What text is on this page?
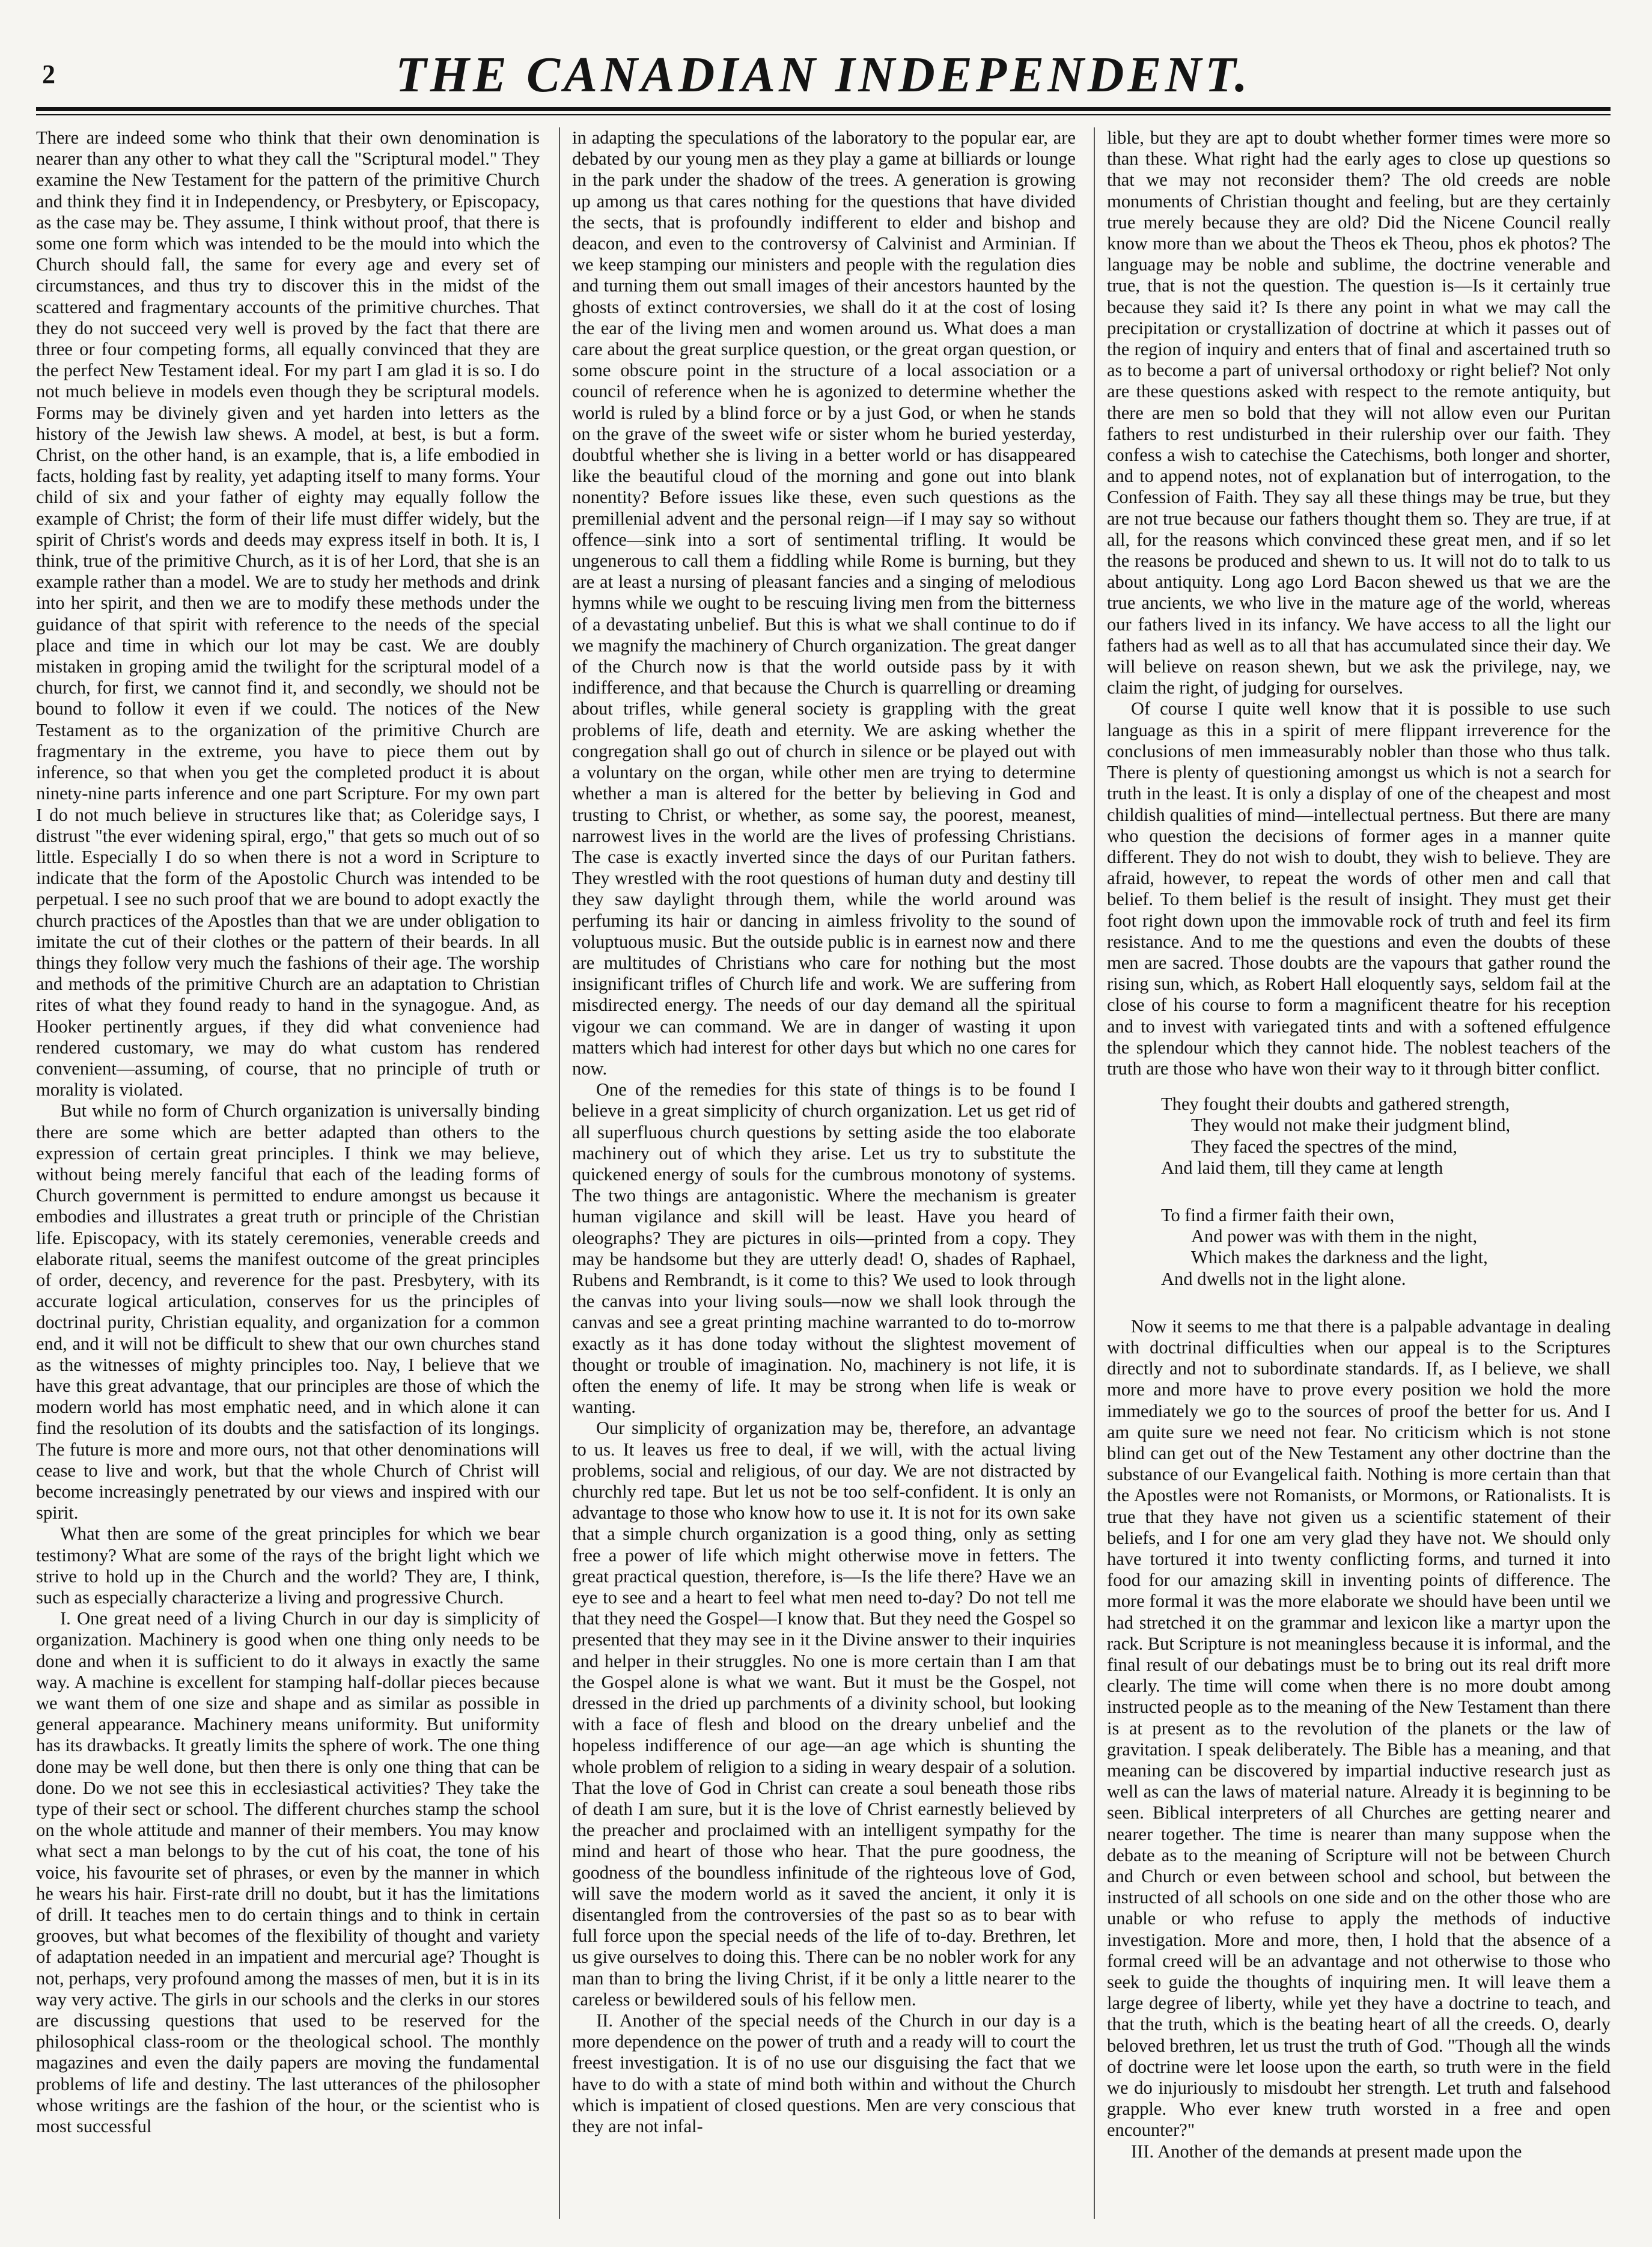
2	THE CANADIAN INDEPENDENT.

There are indeed some who think that their own denomination is nearer than any other to what they call the "Scriptural model." They examine the New Testament for the pattern of the primitive Church and think they find it in Independency, or Presbytery, or Episcopacy, as the case may be. They assume, I think without proof, that there is some one form which was intended to be the mould into which the Church should fall, the same for every age and every set of circumstances, and thus try to discover this in the midst of the scattered and fragmentary accounts of the primitive churches. That they do not succeed very well is proved by the fact that there are three or four competing forms, all equally convinced that they are the perfect New Testament ideal. For my part I am glad it is so. I do not much believe in models even though they be scriptural models. Forms may be divinely given and yet harden into letters as the history of the Jewish law shews. A model, at best, is but a form. Christ, on the other hand, is an example, that is, a life embodied in facts, holding fast by reality, yet adapting itself to many forms. Your child of six and your father of eighty may equally follow the example of Christ; the form of their life must differ widely, but the spirit of Christ's words and deeds may express itself in both. It is, I think, true of the primitive Church, as it is of her Lord, that she is an example rather than a model. We are to study her methods and drink into her spirit, and then we are to modify these methods under the guidance of that spirit with reference to the needs of the special place and time in which our lot may be cast. We are doubly mistaken in groping amid the twilight for the scriptural model of a church, for first, we cannot find it, and secondly, we should not be bound to follow it even if we could. The notices of the New Testament as to the organization of the primitive Church are fragmentary in the extreme, you have to piece them out by inference, so that when you get the completed product it is about ninety-nine parts inference and one part Scripture. For my own part I do not much believe in structures like that; as Coleridge says, I distrust "the ever widening spiral, ergo," that gets so much out of so little. Especially I do so when there is not a word in Scripture to indicate that the form of the Apostolic Church was intended to be perpetual. I see no such proof that we are bound to adopt exactly the church practices of the Apostles than that we are under obligation to imitate the cut of their clothes or the pattern of their beards. In all things they follow very much the fashions of their age. The worship and methods of the primitive Church are an adaptation to Christian rites of what they found ready to hand in the synagogue. And, as Hooker pertinently argues, if they did what convenience had rendered customary, we may do what custom has rendered convenient—assuming, of course, that no principle of truth or morality is violated.

But while no form of Church organization is universally binding there are some which are better adapted than others to the expression of certain great principles. I think we may believe, without being merely fanciful that each of the leading forms of Church government is permitted to endure amongst us because it embodies and illustrates a great truth or principle of the Christian life. Episcopacy, with its stately ceremonies, venerable creeds and elaborate ritual, seems the manifest outcome of the great principles of order, decency, and reverence for the past. Presbytery, with its accurate logical articulation, conserves for us the principles of doctrinal purity, Christian equality, and organization for a common end, and it will not be difficult to shew that our own churches stand as the witnesses of mighty principles too. Nay, I believe that we have this great advantage, that our principles are those of which the modern world has most emphatic need, and in which alone it can find the resolution of its doubts and the satisfaction of its longings. The future is more and more ours, not that other denominations will cease to live and work, but that the whole Church of Christ will become increasingly penetrated by our views and inspired with our spirit.

What then are some of the great principles for which we bear testimony? What are some of the rays of the bright light which we strive to hold up in the Church and the world? They are, I think, such as especially characterize a living and progressive Church.

I. One great need of a living Church in our day is simplicity of organization. Machinery is good when one thing only needs to be done and when it is sufficient to do it always in exactly the same way. A machine is excellent for stamping half-dollar pieces because we want them of one size and shape and as similar as possible in general appearance. Machinery means uniformity. But uniformity has its drawbacks. It greatly limits the sphere of work. The one thing done may be well done, but then there is only one thing that can be done. Do we not see this in ecclesiastical activities? They take the type of their sect or school. The different churches stamp the school on the whole attitude and manner of their members. You may know what sect a man belongs to by the cut of his coat, the tone of his voice, his favourite set of phrases, or even by the manner in which he wears his hair. First-rate drill no doubt, but it has the limitations of drill. It teaches men to do certain things and to think in certain grooves, but what becomes of the flexibility of thought and variety of adaptation needed in an impatient and mercurial age? Thought is not, perhaps, very profound among the masses of men, but it is in its way very active. The girls in our schools and the clerks in our stores are discussing questions that used to be reserved for the philosophical class-room or the theological school. The monthly magazines and even the daily papers are moving the fundamental problems of life and destiny. The last utterances of the philosopher whose writings are the fashion of the hour, or the scientist who is most successful

in adapting the speculations of the laboratory to the popular ear, are debated by our young men as they play a game at billiards or lounge in the park under the shadow of the trees. A generation is growing up among us that cares nothing for the questions that have divided the sects, that is profoundly indifferent to elder and bishop and deacon, and even to the controversy of Calvinist and Arminian. If we keep stamping our ministers and people with the regulation dies and turning them out small images of their ancestors haunted by the ghosts of extinct controversies, we shall do it at the cost of losing the ear of the living men and women around us. What does a man care about the great surplice question, or the great organ question, or some obscure point in the structure of a local association or a council of reference when he is agonized to determine whether the world is ruled by a blind force or by a just God, or when he stands on the grave of the sweet wife or sister whom he buried yesterday, doubtful whether she is living in a better world or has disappeared like the beautiful cloud of the morning and gone out into blank nonentity? Before issues like these, even such questions as the premillenial advent and the personal reign—if I may say so without offence—sink into a sort of sentimental trifling. It would be ungenerous to call them a fiddling while Rome is burning, but they are at least a nursing of pleasant fancies and a singing of melodious hymns while we ought to be rescuing living men from the bitterness of a devastating unbelief. But this is what we shall continue to do if we magnify the machinery of Church organization. The great danger of the Church now is that the world outside pass by it with indifference, and that because the Church is quarrelling or dreaming about trifles, while general society is grappling with the great problems of life, death and eternity. We are asking whether the congregation shall go out of church in silence or be played out with a voluntary on the organ, while other men are trying to determine whether a man is altered for the better by believing in God and trusting to Christ, or whether, as some say, the poorest, meanest, narrowest lives in the world are the lives of professing Christians. The case is exactly inverted since the days of our Puritan fathers. They wrestled with the root questions of human duty and destiny till they saw daylight through them, while the world around was perfuming its hair or dancing in aimless frivolity to the sound of voluptuous music. But the outside public is in earnest now and there are multitudes of Christians who care for nothing but the most insignificant trifles of Church life and work. We are suffering from misdirected energy. The needs of our day demand all the spiritual vigour we can command. We are in danger of wasting it upon matters which had interest for other days but which no one cares for now.

One of the remedies for this state of things is to be found I believe in a great simplicity of church organization. Let us get rid of all superfluous church questions by setting aside the too elaborate machinery out of which they arise. Let us try to substitute the quickened energy of souls for the cumbrous monotony of systems. The two things are antagonistic. Where the mechanism is greater human vigilance and skill will be least. Have you heard of oleographs? They are pictures in oils—printed from a copy. They may be handsome but they are utterly dead! O, shades of Raphael, Rubens and Rembrandt, is it come to this? We used to look through the canvas into your living souls—now we shall look through the canvas and see a great printing machine warranted to do to-morrow exactly as it has done today without the slightest movement of thought or trouble of imagination. No, machinery is not life, it is often the enemy of life. It may be strong when life is weak or wanting.

Our simplicity of organization may be, therefore, an advantage to us. It leaves us free to deal, if we will, with the actual living problems, social and religious, of our day. We are not distracted by churchly red tape. But let us not be too self-confident. It is only an advantage to those who know how to use it. It is not for its own sake that a simple church organization is a good thing, only as setting free a power of life which might otherwise move in fetters. The great practical question, therefore, is—Is the life there? Have we an eye to see and a heart to feel what men need to-day? Do not tell me that they need the Gospel—I know that. But they need the Gospel so presented that they may see in it the Divine answer to their inquiries and helper in their struggles. No one is more certain than I am that the Gospel alone is what we want. But it must be the Gospel, not dressed in the dried up parchments of a divinity school, but looking with a face of flesh and blood on the dreary unbelief and the hopeless indifference of our age—an age which is shunting the whole problem of religion to a siding in weary despair of a solution. That the love of God in Christ can create a soul beneath those ribs of death I am sure, but it is the love of Christ earnestly believed by the preacher and proclaimed with an intelligent sympathy for the mind and heart of those who hear. That the pure goodness, the goodness of the boundless infinitude of the righteous love of God, will save the modern world as it saved the ancient, it only it is disentangled from the controversies of the past so as to bear with full force upon the special needs of the life of to-day. Brethren, let us give ourselves to doing this. There can be no nobler work for any man than to bring the living Christ, if it be only a little nearer to the careless or bewildered souls of his fellow men.

II. Another of the special needs of the Church in our day is a more dependence on the power of truth and a ready will to court the freest investigation. It is of no use our disguising the fact that we have to do with a state of mind both within and without the Church which is impatient of closed questions. Men are very conscious that they are not infal-

lible, but they are apt to doubt whether former times were more so than these. What right had the early ages to close up questions so that we may not reconsider them? The old creeds are noble monuments of Christian thought and feeling, but are they certainly true merely because they are old? Did the Nicene Council really know more than we about the Theos ek Theou, phos ek photos? The language may be noble and sublime, the doctrine venerable and true, that is not the question. The question is—Is it certainly true because they said it? Is there any point in what we may call the precipitation or crystallization of doctrine at which it passes out of the region of inquiry and enters that of final and ascertained truth so as to become a part of universal orthodoxy or right belief? Not only are these questions asked with respect to the remote antiquity, but there are men so bold that they will not allow even our Puritan fathers to rest undisturbed in their rulership over our faith. They confess a wish to catechise the Catechisms, both longer and shorter, and to append notes, not of explanation but of interrogation, to the Confession of Faith. They say all these things may be true, but they are not true because our fathers thought them so. They are true, if at all, for the reasons which convinced these great men, and if so let the reasons be produced and shewn to us. It will not do to talk to us about antiquity. Long ago Lord Bacon shewed us that we are the true ancients, we who live in the mature age of the world, whereas our fathers lived in its infancy. We have access to all the light our fathers had as well as to all that has accumulated since their day. We will believe on reason shewn, but we ask the privilege, nay, we claim the right, of judging for ourselves.

Of course I quite well know that it is possible to use such language as this in a spirit of mere flippant irreverence for the conclusions of men immeasurably nobler than those who thus talk. There is plenty of questioning amongst us which is not a search for truth in the least. It is only a display of one of the cheapest and most childish qualities of mind—intellectual pertness. But there are many who question the decisions of former ages in a manner quite different. They do not wish to doubt, they wish to believe. They are afraid, however, to repeat the words of other men and call that belief. To them belief is the result of insight. They must get their foot right down upon the immovable rock of truth and feel its firm resistance. And to me the questions and even the doubts of these men are sacred. Those doubts are the vapours that gather round the rising sun, which, as Robert Hall eloquently says, seldom fail at the close of his course to form a magnificent theatre for his reception and to invest with variegated tints and with a softened effulgence the splendour which they cannot hide. The noblest teachers of the truth are those who have won their way to it through bitter conflict.

They fought their doubts and gathered strength,
They would not make their judgment blind,
They faced the spectres of the mind,
And laid them, till they came at length
To find a firmer faith their own,
And power was with them in the night,
Which makes the darkness and the light,
And dwells not in the light alone.

Now it seems to me that there is a palpable advantage in dealing with doctrinal difficulties when our appeal is to the Scriptures directly and not to subordinate standards. If, as I believe, we shall more and more have to prove every position we hold the more immediately we go to the sources of proof the better for us. And I am quite sure we need not fear. No criticism which is not stone blind can get out of the New Testament any other doctrine than the substance of our Evangelical faith. Nothing is more certain than that the Apostles were not Romanists, or Mormons, or Rationalists. It is true that they have not given us a scientific statement of their beliefs, and I for one am very glad they have not. We should only have tortured it into twenty conflicting forms, and turned it into food for our amazing skill in inventing points of difference. The more formal it was the more elaborate we should have been until we had stretched it on the grammar and lexicon like a martyr upon the rack. But Scripture is not meaningless because it is informal, and the final result of our debatings must be to bring out its real drift more clearly. The time will come when there is no more doubt among instructed people as to the meaning of the New Testament than there is at present as to the revolution of the planets or the law of gravitation. I speak deliberately. The Bible has a meaning, and that meaning can be discovered by impartial inductive research just as well as can the laws of material nature. Already it is beginning to be seen. Biblical interpreters of all Churches are getting nearer and nearer together. The time is nearer than many suppose when the debate as to the meaning of Scripture will not be between Church and Church or even between school and school, but between the instructed of all schools on one side and on the other those who are unable or who refuse to apply the methods of inductive investigation. More and more, then, I hold that the absence of a formal creed will be an advantage and not otherwise to those who seek to guide the thoughts of inquiring men. It will leave them a large degree of liberty, while yet they have a doctrine to teach, and that the truth, which is the beating heart of all the creeds. O, dearly beloved brethren, let us trust the truth of God. "Though all the winds of doctrine were let loose upon the earth, so truth were in the field we do injuriously to misdoubt her strength. Let truth and falsehood grapple. Who ever knew truth worsted in a free and open encounter?"

III. Another of the demands at present made upon the
